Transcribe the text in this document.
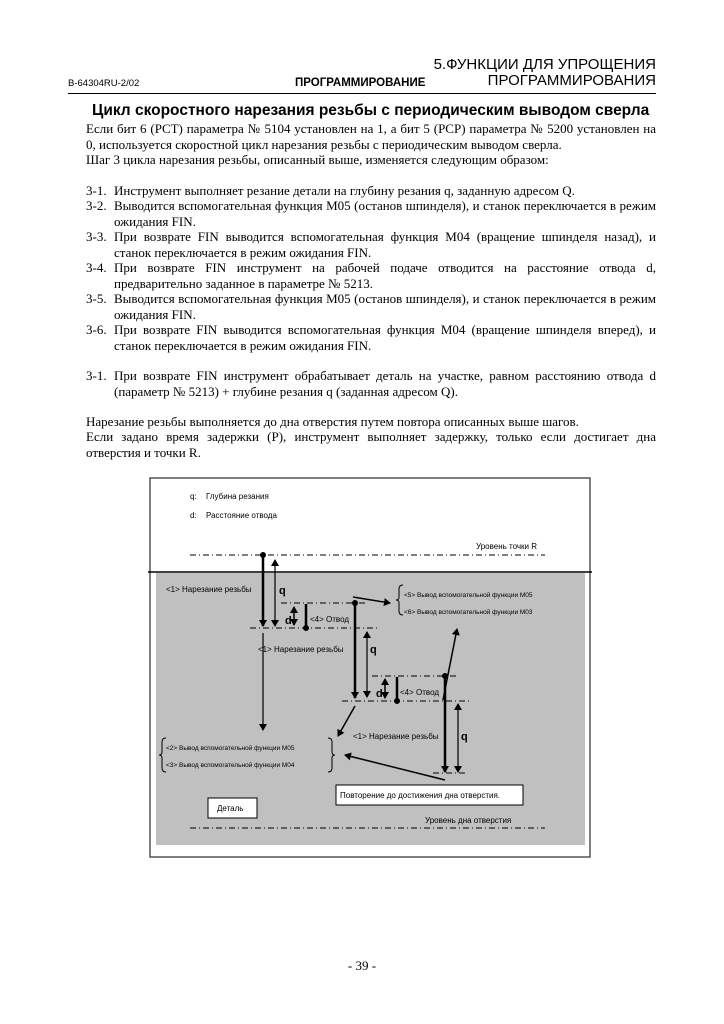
B-64304RU-2/02	ПРОГРАММИРОВАНИЕ
5.ФУНКЦИИ ДЛЯ УПРОЩЕНИЯ
ПРОГРАММИРОВАНИЯ
Цикл скоростного нарезания резьбы с периодическим выводом сверла
Если бит 6 (PCT) параметра № 5104 установлен на 1, а бит 5 (PCP) параметра № 5200 установлен на 0, используется скоростной цикл нарезания резьбы с периодическим выводом сверла.
Шаг 3 цикла нарезания резьбы, описанный выше, изменяется следующим образом:
3-1. Инструмент выполняет резание детали на глубину резания q, заданную адресом Q.
3-2. Выводится вспомогательная функция M05 (останов шпинделя), и станок переключается в режим ожидания FIN.
3-3. При возврате FIN выводится вспомогательная функция M04 (вращение шпинделя назад), и станок переключается в режим ожидания FIN.
3-4. При возврате FIN инструмент на рабочей подаче отводится на расстояние отвода d, предварительно заданное в параметре № 5213.
3-5. Выводится вспомогательная функция M05 (останов шпинделя), и станок переключается в режим ожидания FIN.
3-6. При возврате FIN выводится вспомогательная функция M04 (вращение шпинделя вперед), и станок переключается в режим ожидания FIN.
3-1. При возврате FIN инструмент обрабатывает деталь на участке, равном расстоянию отвода d (параметр № 5213) + глубине резания q (заданная адресом Q).
Нарезание резьбы выполняется до дна отверстия путем повтора описанных выше шагов.
Если задано время задержки (P), инструмент выполняет задержку, только если достигает дна отверстия и точки R.
q: Глубина резания
d: Расстояние отвода
Уровень точки R
<1> Нарезание резьбы
<4> Отвод
<1> Нарезание резьбы
<4> Отвод
<1> Нарезание резьбы
Повторение до достижения дна отверстия.
Деталь
Уровень дна отверстия
<5> Вывод вспомогательной функции M05
<6> Вывод вспомогательной функции M03
<2> Вывод вспомогательной функции M05
<3> Вывод вспомогательной функции M04
q
d
q
d
q
- 39 -
